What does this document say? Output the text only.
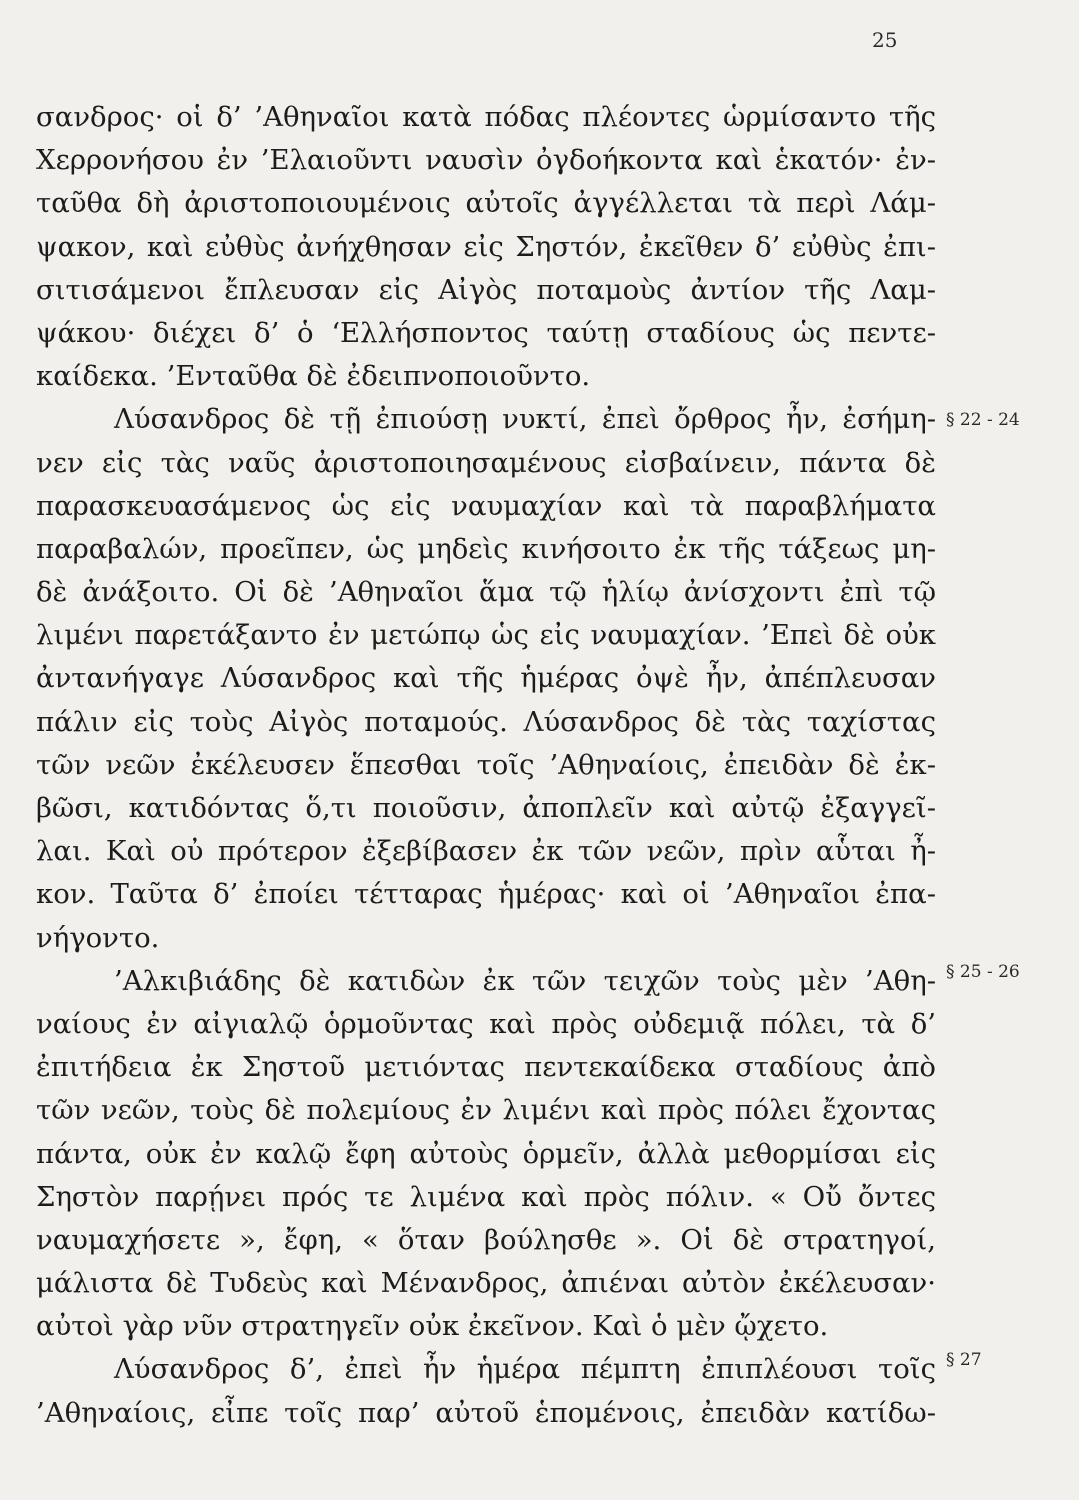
25
σανδρος· οἱ δ’ ’Αθηναῖοι κατὰ πόδας πλέοντες ὡρμίσαντο τῆς
Χερρονήσου ἐν ’Ελαιοῦντι ναυσὶν ὀγδοήκοντα καὶ ἑκατόν· ἐν-
ταῦθα δὴ ἀριστοποιουμένοις αὐτοῖς ἀγγέλλεται τὰ περὶ Λάμ-
ψακον, καὶ εὐθὺς ἀνήχθησαν εἰς Σηστόν, ἐκεῖθεν δ’ εὐθὺς ἐπι-
σιτισάμενοι ἔπλευσαν εἰς Αἰγὸς ποταμοὺς ἀντίον τῆς Λαμ-
ψάκου· διέχει δ’ ὁ ‘Ελλήσποντος ταύτῃ σταδίους ὡς πεντε-
καίδεκα. ’Ενταῦθα δὲ ἐδειπνοποιοῦντο.
Λύσανδρος δὲ τῇ ἐπιούσῃ νυκτί, ἐπεὶ ὄρθρος ἦν, ἐσήμη-
νεν εἰς τὰς ναῦς ἀριστοποιησαμένους εἰσβαίνειν, πάντα δὲ
παρασκευασάμενος ὡς εἰς ναυμαχίαν καὶ τὰ παραβλήματα
παραβαλών, προεῖπεν, ὡς μηδεὶς κινήσοιτο ἐκ τῆς τάξεως μη-
δὲ ἀνάξοιτο. Οἱ δὲ ’Αθηναῖοι ἅμα τῷ ἡλίῳ ἀνίσχοντι ἐπὶ τῷ
λιμένι παρετάξαντο ἐν μετώπῳ ὡς εἰς ναυμαχίαν. ’Επεὶ δὲ οὐκ
ἀντανήγαγε Λύσανδρος καὶ τῆς ἡμέρας ὀψὲ ἦν, ἀπέπλευσαν
πάλιν εἰς τοὺς Αἰγὸς ποταμούς. Λύσανδρος δὲ τὰς ταχίστας
τῶν νεῶν ἐκέλευσεν ἕπεσθαι τοῖς ’Αθηναίοις, ἐπειδὰν δὲ ἐκ-
βῶσι, κατιδόντας ὅ,τι ποιοῦσιν, ἀποπλεῖν καὶ αὐτῷ ἐξαγγεῖ-
λαι. Καὶ οὐ πρότερον ἐξεβίβασεν ἐκ τῶν νεῶν, πρὶν αὗται ἦ-
κον. Ταῦτα δ’ ἐποίει τέτταρας ἡμέρας· καὶ οἱ ’Αθηναῖοι ἐπα-
νήγοντο.
’Αλκιβιάδης δὲ κατιδὼν ἐκ τῶν τειχῶν τοὺς μὲν ’Αθη-
ναίους ἐν αἰγιαλῷ ὁρμοῦντας καὶ πρὸς οὐδεμιᾷ πόλει, τὰ δ’
ἐπιτήδεια ἐκ Σηστοῦ μετιόντας πεντεκαίδεκα σταδίους ἀπὸ
τῶν νεῶν, τοὺς δὲ πολεμίους ἐν λιμένι καὶ πρὸς πόλει ἔχοντας
πάντα, οὐκ ἐν καλῷ ἔφη αὐτοὺς ὁρμεῖν, ἀλλὰ μεθορμίσαι εἰς
Σηστὸν παρῄνει πρός τε λιμένα καὶ πρὸς πόλιν. « Οὔ ὄντες
ναυμαχήσετε », ἔφη, « ὅταν βούλησθε ». Οἱ δὲ στρατηγοί,
μάλιστα δὲ Τυδεὺς καὶ Μένανδρος, ἀπιέναι αὐτὸν ἐκέλευσαν·
αὐτοὶ γὰρ νῦν στρατηγεῖν οὐκ ἐκεῖνον. Καὶ ὁ μὲν ᾤχετο.
Λύσανδρος δ’, ἐπεὶ ἦν ἡμέρα πέμπτη ἐπιπλέουσι τοῖς
’Αθηναίοις, εἶπε τοῖς παρ’ αὐτοῦ ἑπομένοις, ἐπειδὰν κατίδω-
§ 22 - 24
§ 25 - 26
§ 27
